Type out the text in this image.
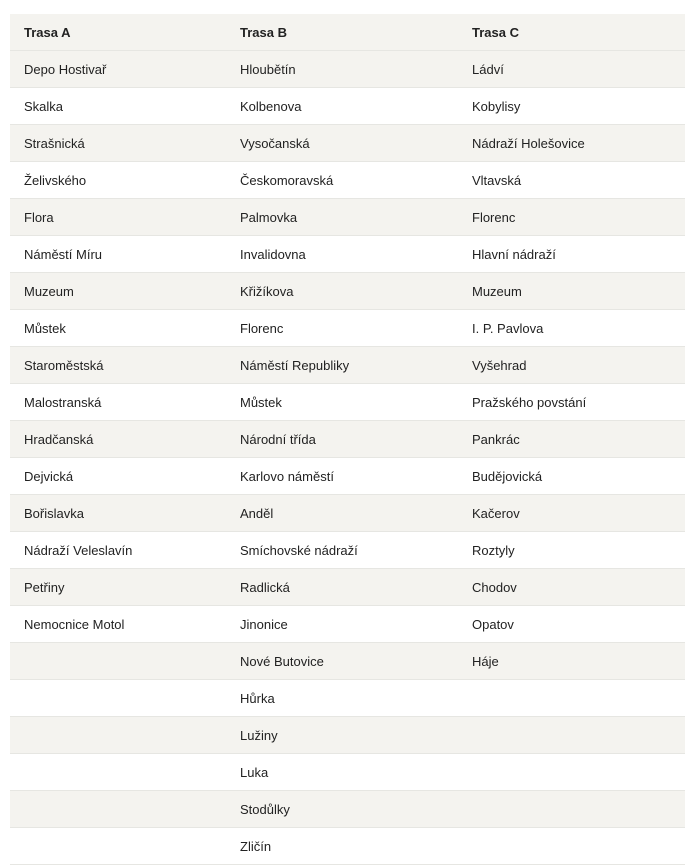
Trasa A	Trasa B	Trasa C
Depo Hostivař	Hloubětín	Ládví
Skalka	Kolbenova	Kobylisy
Strašnická	Vysočanská	Nádraží Holešovice
Želivského	Českomoravská	Vltavská
Flora	Palmovka	Florenc
Náměstí Míru	Invalidovna	Hlavní nádraží
Muzeum	Křižíkova	Muzeum
Můstek	Florenc	I. P. Pavlova
Staroměstská	Náměstí Republiky	Vyšehrad
Malostranská	Můstek	Pražského povstání
Hradčanská	Národní třída	Pankrác
Dejvická	Karlovo náměstí	Budějovická
Bořislavka	Anděl	Kačerov
Nádraží Veleslavín	Smíchovské nádraží	Roztyly
Petřiny	Radlická	Chodov
Nemocnice Motol	Jinonice	Opatov
	Nové Butovice	Háje
	Hůrka	
	Lužiny	
	Luka	
	Stodůlky	
	Zličín	
